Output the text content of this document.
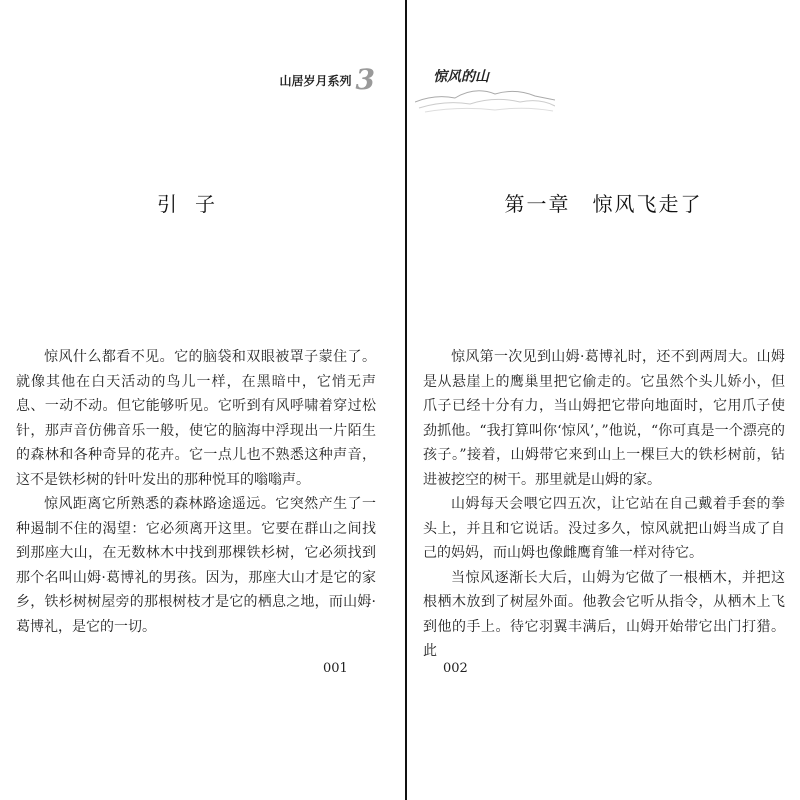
山居岁月系列 3
引子

惊风什么都看不见。它的脑袋和双眼被罩子蒙住了。就像其他在白天活动的鸟儿一样，在黑暗中，它悄无声息、一动不动。但它能够听见。它听到有风呼啸着穿过松针，那声音仿佛音乐一般，使它的脑海中浮现出一片陌生的森林和各种奇异的花卉。它一点儿也不熟悉这种声音，这不是铁杉树的针叶发出的那种悦耳的嗡嗡声。

惊风距离它所熟悉的森林路途遥远。它突然产生了一种遏制不住的渴望：它必须离开这里。它要在群山之间找到那座大山，在无数林木中找到那棵铁杉树，它必须找到那个名叫山姆·葛博礼的男孩。因为，那座大山才是它的家乡，铁杉树树屋旁的那根树枝才是它的栖息之地，而山姆·葛博礼，是它的一切。

001
惊风的山
第一章　惊风飞走了

惊风第一次见到山姆·葛博礼时，还不到两周大。山姆是从悬崖上的鹰巢里把它偷走的。它虽然个头儿娇小，但爪子已经十分有力，当山姆把它带向地面时，它用爪子使劲抓他。“我打算叫你‘惊风’，”他说，“你可真是一个漂亮的孩子。”接着，山姆带它来到山上一棵巨大的铁杉树前，钻进被挖空的树干。那里就是山姆的家。

山姆每天会喂它四五次，让它站在自己戴着手套的拳头上，并且和它说话。没过多久，惊风就把山姆当成了自己的妈妈，而山姆也像雌鹰育雏一样对待它。

当惊风逐渐长大后，山姆为它做了一根栖木，并把这根栖木放到了树屋外面。他教会它听从指令，从栖木上飞到他的手上。待它羽翼丰满后，山姆开始带它出门打猎。此

002
